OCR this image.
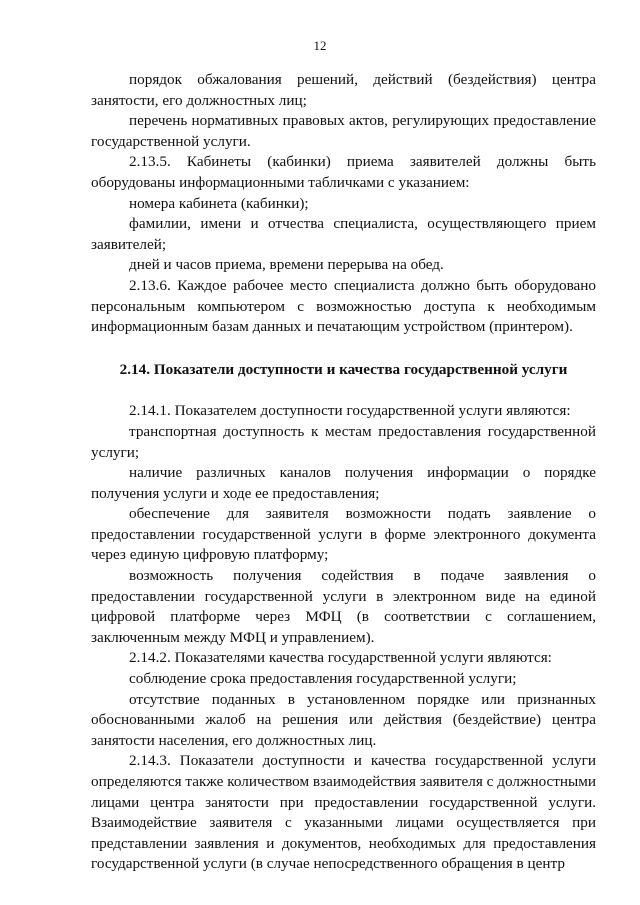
12

порядок обжалования решений, действий (бездействия) центра занятости, его должностных лиц;

перечень нормативных правовых актов, регулирующих предоставление государственной услуги.

2.13.5. Кабинеты (кабинки) приема заявителей должны быть оборудованы информационными табличками с указанием:

номера кабинета (кабинки);

фамилии, имени и отчества специалиста, осуществляющего прием заявителей;

дней и часов приема, времени перерыва на обед.

2.13.6. Каждое рабочее место специалиста должно быть оборудовано персональным компьютером с возможностью доступа к необходимым информационным базам данных и печатающим устройством (принтером).

2.14. Показатели доступности и качества государственной услуги

2.14.1. Показателем доступности государственной услуги являются:

транспортная доступность к местам предоставления государственной услуги;

наличие различных каналов получения информации о порядке получения услуги и ходе ее предоставления;

обеспечение для заявителя возможности подать заявление о предоставлении государственной услуги в форме электронного документа через единую цифровую платформу;

возможность получения содействия в подаче заявления о предоставлении государственной услуги в электронном виде на единой цифровой платформе через МФЦ (в соответствии с соглашением, заключенным между МФЦ и управлением).

2.14.2. Показателями качества государственной услуги являются:

соблюдение срока предоставления государственной услуги;

отсутствие поданных в установленном порядке или признанных обоснованными жалоб на решения или действия (бездействие) центра занятости населения, его должностных лиц.

2.14.3. Показатели доступности и качества государственной услуги определяются также количеством взаимодействия заявителя с должностными лицами центра занятости при предоставлении государственной услуги. Взаимодействие заявителя с указанными лицами осуществляется при представлении заявления и документов, необходимых для предоставления государственной услуги (в случае непосредственного обращения в центр
